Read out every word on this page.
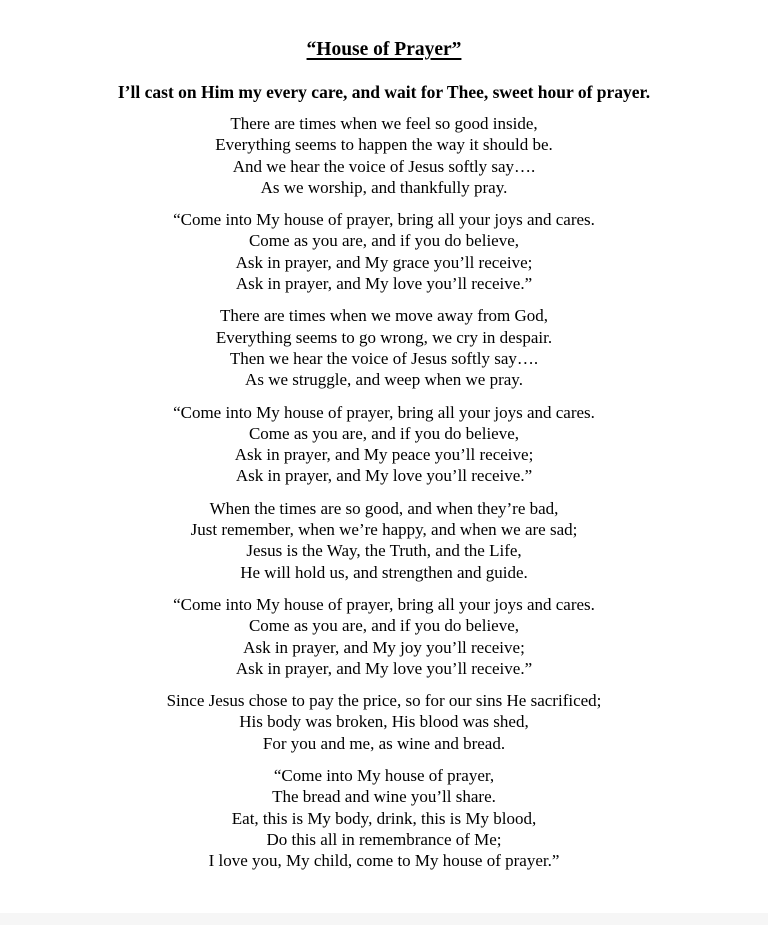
“House of Prayer”
I’ll cast on Him my every care, and wait for Thee, sweet hour of prayer.
There are times when we feel so good inside,
Everything seems to happen the way it should be.
And we hear the voice of Jesus softly say….
As we worship, and thankfully pray.
“Come into My house of prayer, bring all your joys and cares.
Come as you are, and if you do believe,
Ask in prayer, and My grace you’ll receive;
Ask in prayer, and My love you’ll receive.”
There are times when we move away from God,
Everything seems to go wrong, we cry in despair.
Then we hear the voice of Jesus softly say….
As we struggle, and weep when we pray.
“Come into My house of prayer, bring all your joys and cares.
Come as you are, and if you do believe,
Ask in prayer, and My peace you’ll receive;
Ask in prayer, and My love you’ll receive.”
When the times are so good, and when they’re bad,
Just remember, when we’re happy, and when we are sad;
Jesus is the Way, the Truth, and the Life,
He will hold us, and strengthen and guide.
“Come into My house of prayer, bring all your joys and cares.
Come as you are, and if you do believe,
Ask in prayer, and My joy you’ll receive;
Ask in prayer, and My love you’ll receive.”
Since Jesus chose to pay the price, so for our sins He sacrificed;
His body was broken, His blood was shed,
For you and me, as wine and bread.
“Come into My house of prayer,
The bread and wine you’ll share.
Eat, this is My body, drink, this is My blood,
Do this all in remembrance of Me;
I love you, My child, come to My house of prayer.”
